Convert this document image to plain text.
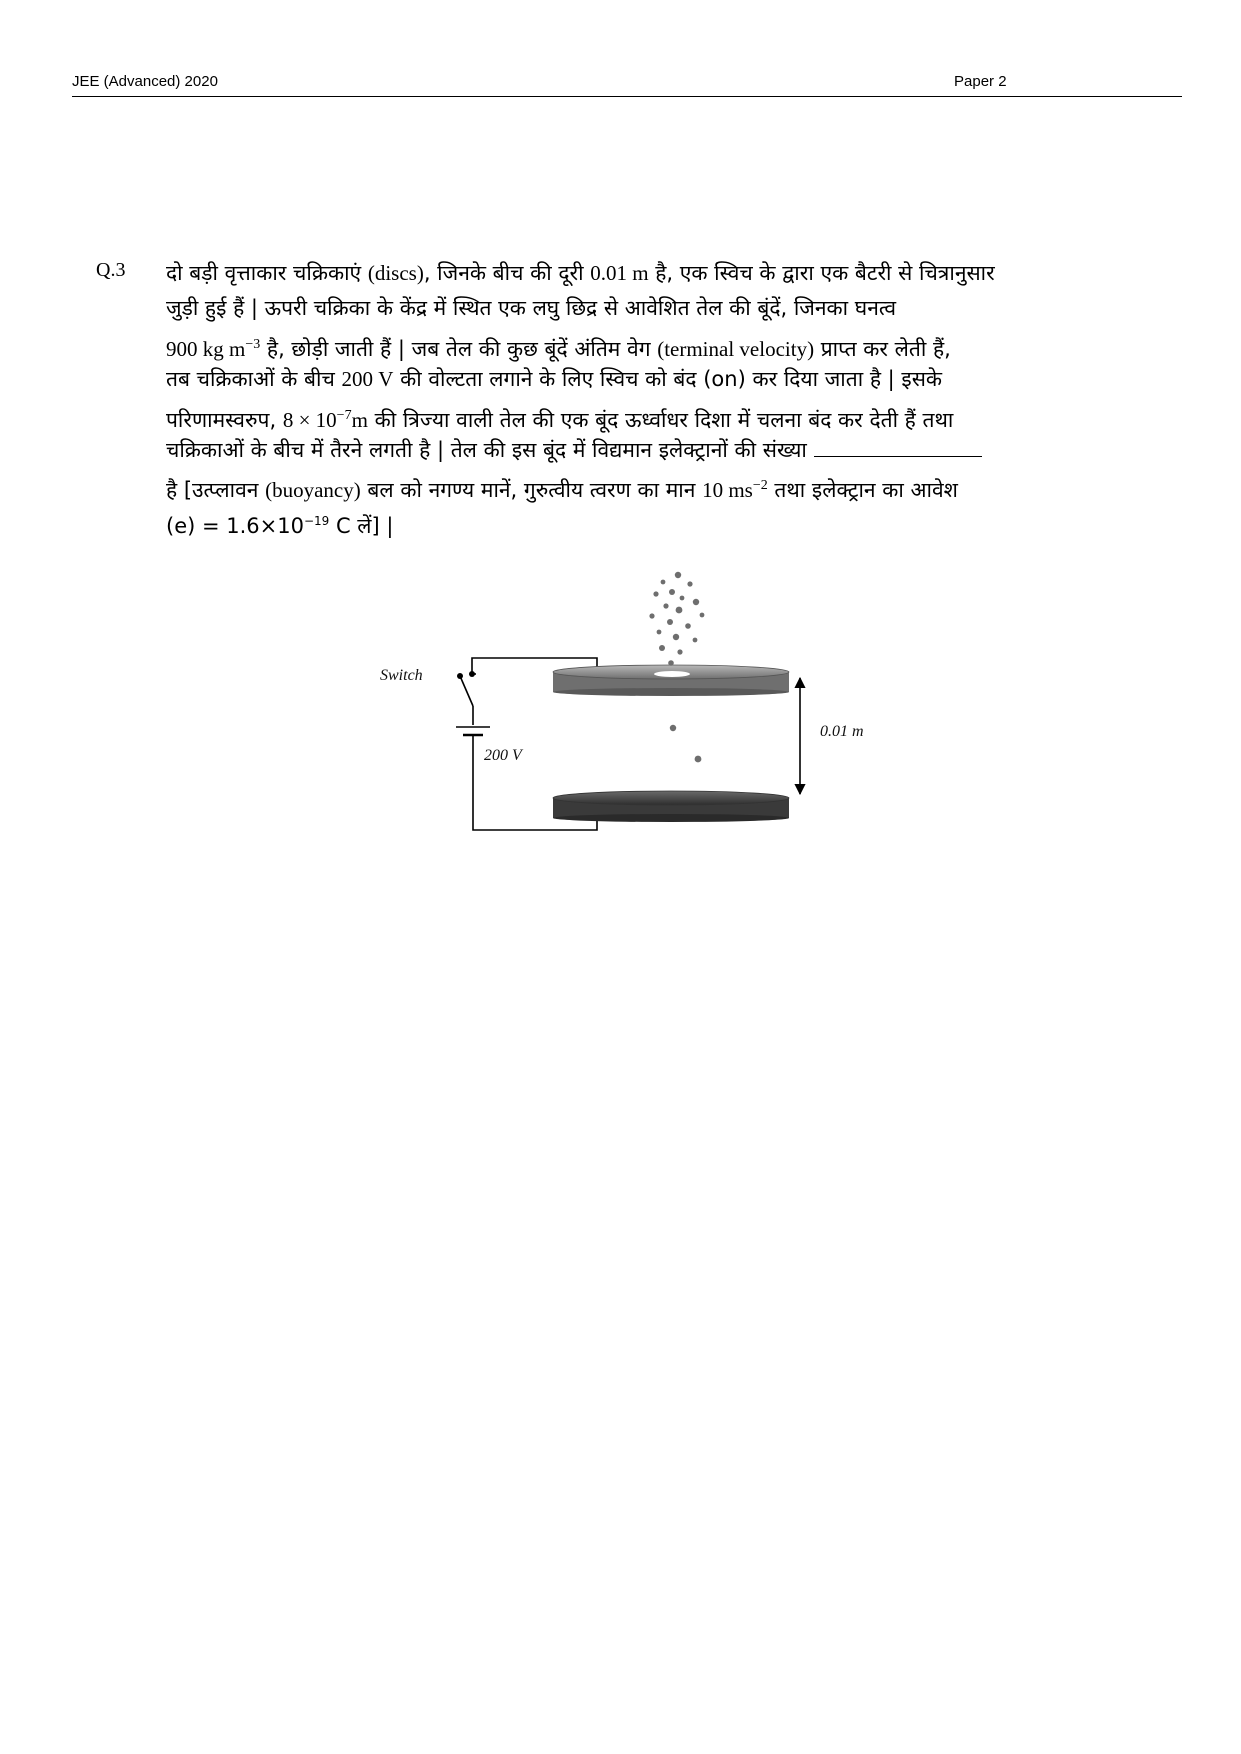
JEE (Advanced) 2020	Paper 2
Q.3 दो बड़ी वृत्ताकार चक्रिकाएं (discs), जिनके बीच की दूरी 0.01 m है, एक स्विच के द्वारा एक बैटरी से चित्रानुसार
जुड़ी हुई हैं | ऊपरी चक्रिका के केंद्र में स्थित एक लघु छिद्र से आवेशित तेल की बूंदें, जिनका घनत्व
900 kg $m^{-3}$ है, छोड़ी जाती हैं | जब तेल की कुछ बूंदें अंतिम वेग (terminal velocity) प्राप्त कर लेती हैं,
तब चक्रिकाओं के बीच 200 V की वोल्टता लगाने के लिए स्विच को बंद (on) कर दिया जाता है | इसके
परिणामस्वरुप, $8 \times 10^{-7}m$ की त्रिज्या वाली तेल की एक बूंद ऊर्ध्वाधर दिशा में चलना बंद कर देती हैं तथा
चक्रिकाओं के बीच में तैरने लगती है | तेल की इस बूंद में विद्यमान इलेक्ट्रानों की संख्या
है [उत्प्लावन (buoyancy) बल को नगण्य मानें, गुरुत्वीय त्वरण का मान 10 $ms^{-2}$ तथा इलेक्ट्रान का आवेश
$(e) = 1.6\times 10^{-19}$ C लें] |
Switch
200 V
0.01 m
